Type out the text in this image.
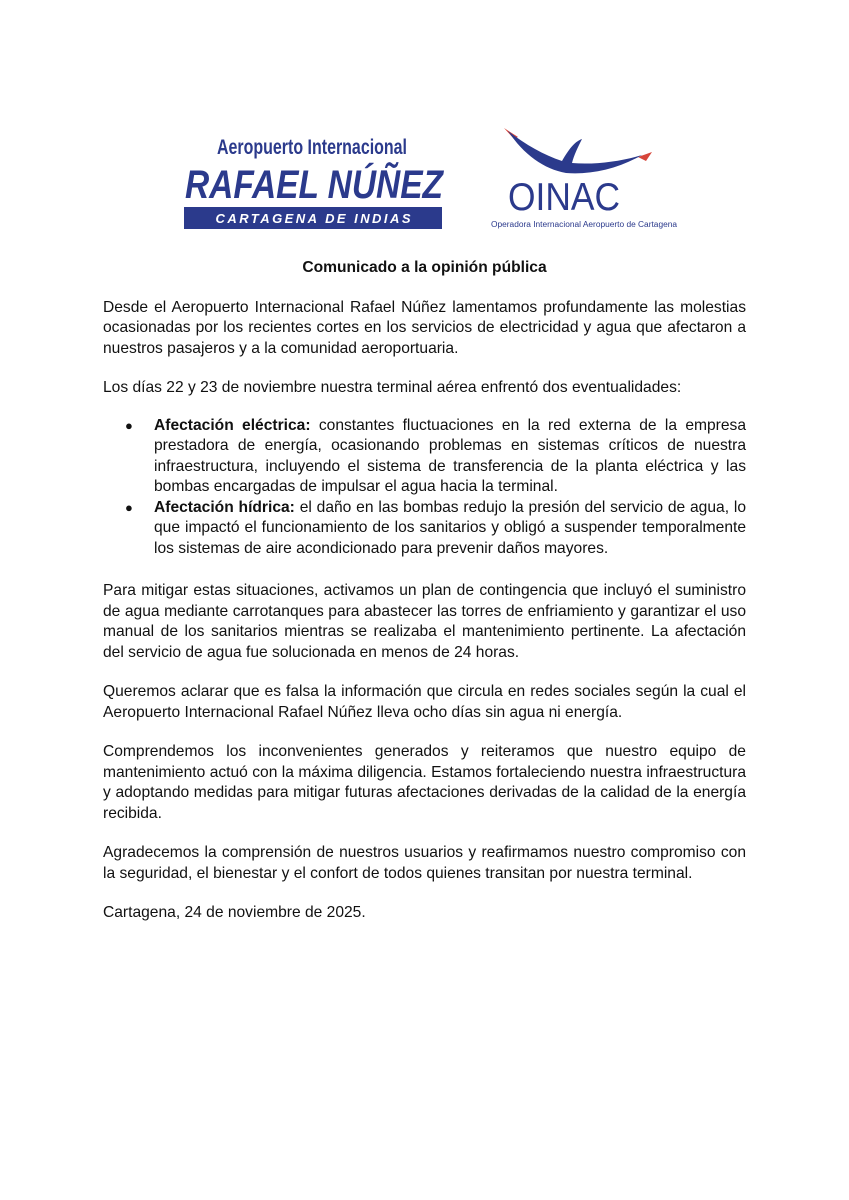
Aeropuerto Internacional
RAFAEL NÚÑEZ
CARTAGENA DE INDIAS	OINAC
Operadora Internacional Aeropuerto de Cartagena
Comunicado a la opinión pública

Desde el Aeropuerto Internacional Rafael Núñez lamentamos profundamente las molestias ocasionadas por los recientes cortes en los servicios de electricidad y agua que afectaron a nuestros pasajeros y a la comunidad aeroportuaria.

Los días 22 y 23 de noviembre nuestra terminal aérea enfrentó dos eventualidades:

● Afectación eléctrica: constantes fluctuaciones en la red externa de la empresa prestadora de energía, ocasionando problemas en sistemas críticos de nuestra infraestructura, incluyendo el sistema de transferencia de la planta eléctrica y las bombas encargadas de impulsar el agua hacia la terminal.
● Afectación hídrica: el daño en las bombas redujo la presión del servicio de agua, lo que impactó el funcionamiento de los sanitarios y obligó a suspender temporalmente los sistemas de aire acondicionado para prevenir daños mayores.

Para mitigar estas situaciones, activamos un plan de contingencia que incluyó el suministro de agua mediante carrotanques para abastecer las torres de enfriamiento y garantizar el uso manual de los sanitarios mientras se realizaba el mantenimiento pertinente. La afectación del servicio de agua fue solucionada en menos de 24 horas.

Queremos aclarar que es falsa la información que circula en redes sociales según la cual el Aeropuerto Internacional Rafael Núñez lleva ocho días sin agua ni energía.

Comprendemos los inconvenientes generados y reiteramos que nuestro equipo de mantenimiento actuó con la máxima diligencia. Estamos fortaleciendo nuestra infraestructura y adoptando medidas para mitigar futuras afectaciones derivadas de la calidad de la energía recibida.

Agradecemos la comprensión de nuestros usuarios y reafirmamos nuestro compromiso con la seguridad, el bienestar y el confort de todos quienes transitan por nuestra terminal.

Cartagena, 24 de noviembre de 2025.
